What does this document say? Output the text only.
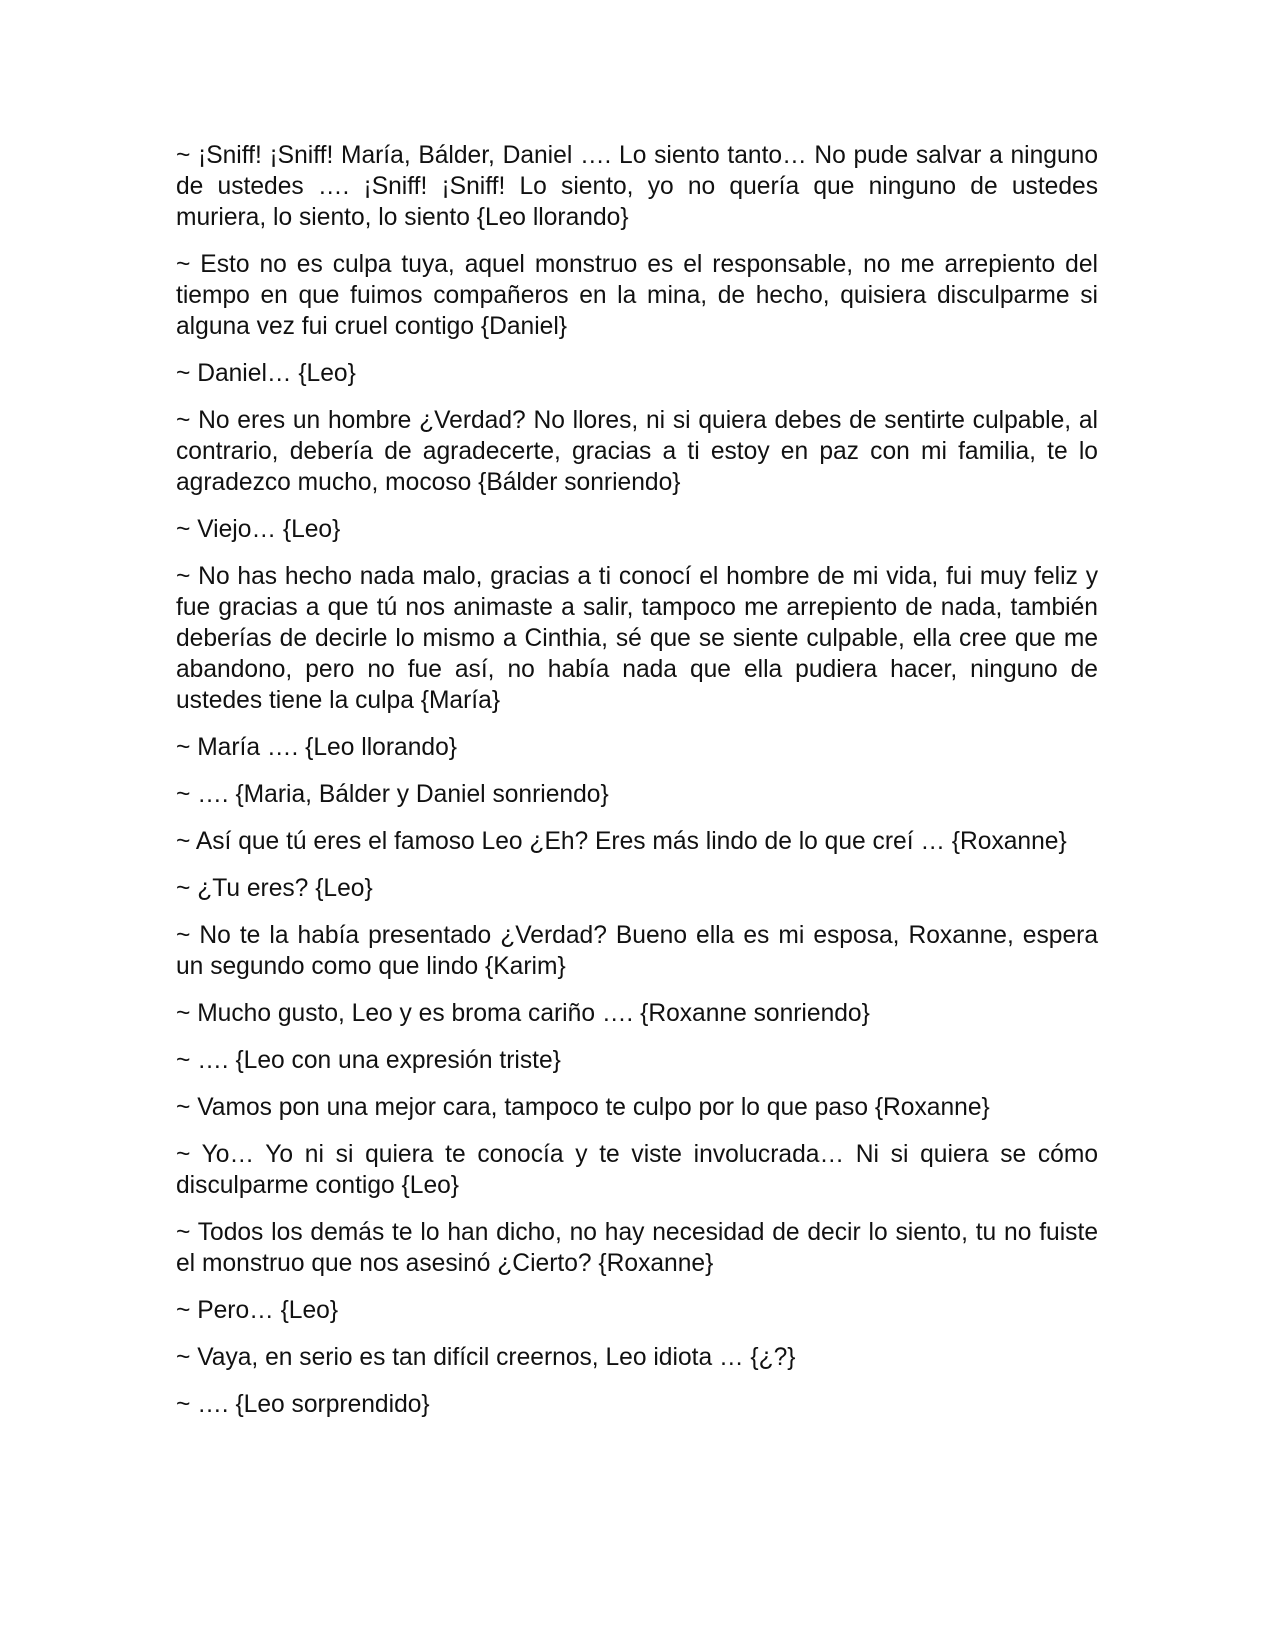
~ ¡Sniff! ¡Sniff! María, Bálder, Daniel …. Lo siento tanto… No pude salvar a ninguno de ustedes …. ¡Sniff! ¡Sniff! Lo siento, yo no quería que ninguno de ustedes muriera, lo siento, lo siento {Leo llorando}

~ Esto no es culpa tuya, aquel monstruo es el responsable, no me arrepiento del tiempo en que fuimos compañeros en la mina, de hecho, quisiera disculparme si alguna vez fui cruel contigo {Daniel}

~ Daniel… {Leo}

~ No eres un hombre ¿Verdad? No llores, ni si quiera debes de sentirte culpable, al contrario, debería de agradecerte, gracias a ti estoy en paz con mi familia, te lo agradezco mucho, mocoso {Bálder sonriendo}

~ Viejo… {Leo}

~ No has hecho nada malo, gracias a ti conocí el hombre de mi vida, fui muy feliz y fue gracias a que tú nos animaste a salir, tampoco me arrepiento de nada, también deberías de decirle lo mismo a Cinthia, sé que se siente culpable, ella cree que me abandono, pero no fue así, no había nada que ella pudiera hacer, ninguno de ustedes tiene la culpa {María}

~ María …. {Leo llorando}

~ …. {Maria, Bálder y Daniel sonriendo}

~ Así que tú eres el famoso Leo ¿Eh? Eres más lindo de lo que creí … {Roxanne}

~ ¿Tu eres? {Leo}

~ No te la había presentado ¿Verdad? Bueno ella es mi esposa, Roxanne, espera un segundo como que lindo {Karim}

~ Mucho gusto, Leo y es broma cariño …. {Roxanne sonriendo}

~ …. {Leo con una expresión triste}

~ Vamos pon una mejor cara, tampoco te culpo por lo que paso {Roxanne}

~ Yo… Yo ni si quiera te conocía y te viste involucrada… Ni si quiera se cómo disculparme contigo {Leo}

~ Todos los demás te lo han dicho, no hay necesidad de decir lo siento, tu no fuiste el monstruo que nos asesinó ¿Cierto? {Roxanne}

~ Pero… {Leo}

~ Vaya, en serio es tan difícil creernos, Leo idiota … {¿?}

~ …. {Leo sorprendido}
